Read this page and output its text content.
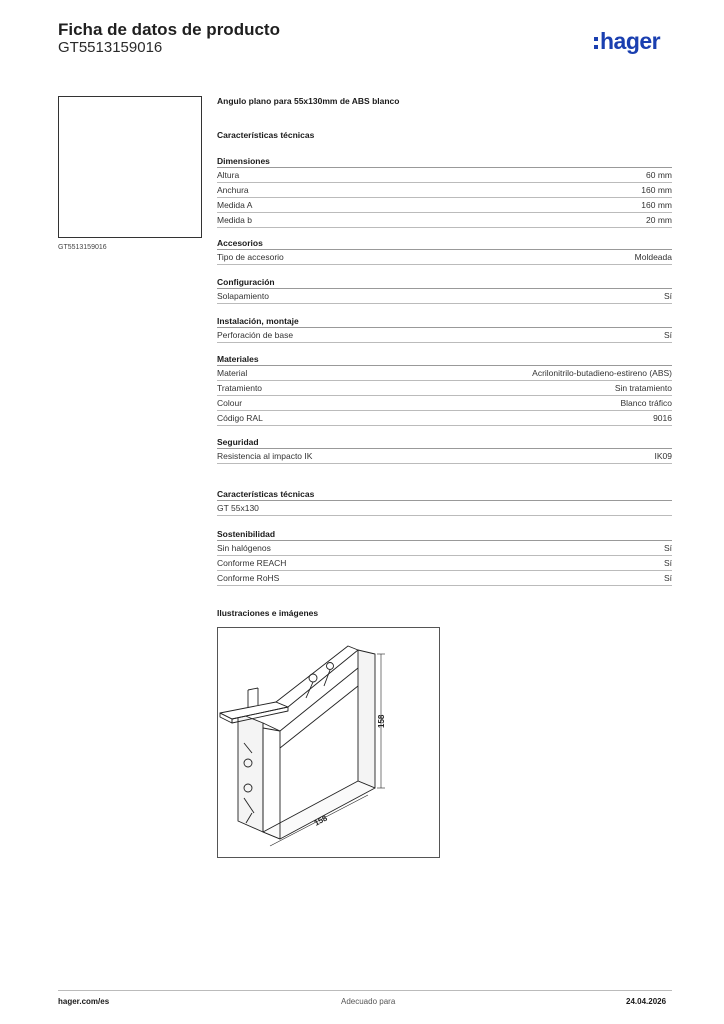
Ficha de datos de producto
GT5513159016	hager
GT5513159016
Angulo plano para 55x130mm de ABS blanco
Características técnicas
Dimensiones
Altura	60 mm
Anchura	160 mm
Medida A	160 mm
Medida b	20 mm
Accesorios
Tipo de accesorio	Moldeada
Configuración
Solapamiento	Sí
Instalación, montaje
Perforación de base	Sí
Materiales
Material	Acrilonitrilo-butadieno-estireno (ABS)
Tratamiento	Sin tratamiento
Colour	Blanco tráfico
Código RAL	9016
Seguridad
Resistencia al impacto IK	IK09
Características técnicas
GT 55x130
Sostenibilidad
Sin halógenos	Sí
Conforme REACH	Sí
Conforme RoHS	Sí
Ilustraciones e imágenes
158
158
hager.com/es	Adecuado para	24.04.2026
